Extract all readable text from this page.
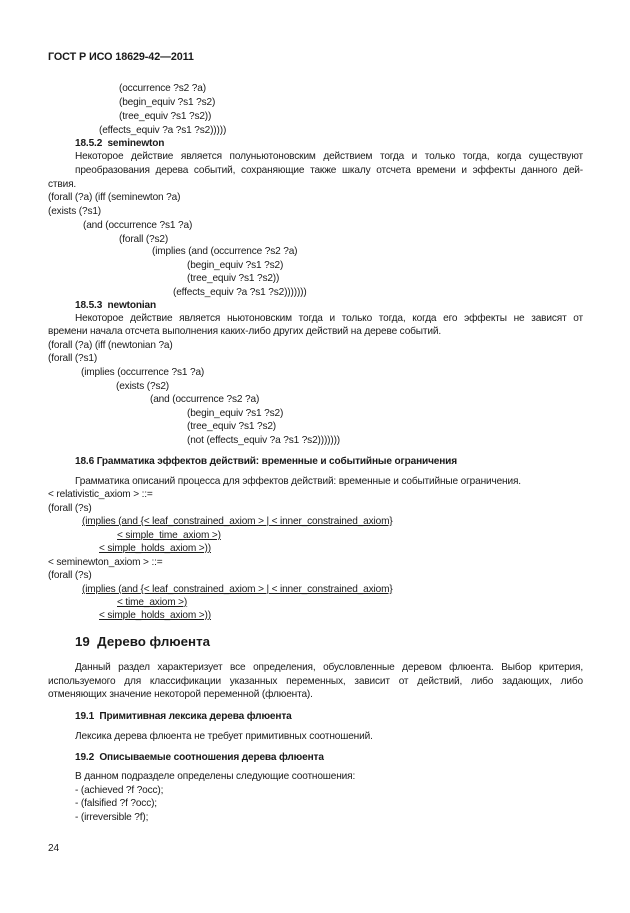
ГОСТ Р ИСО 18629-42—2011
(occurrence ?s2 ?a)
(begin_equiv ?s1 ?s2)
(tree_equiv ?s1 ?s2))
(effects_equiv ?a ?s1 ?s2)))))
18.5.2  seminewton
Некоторое действие является полуньютоновским действием тогда и только тогда, когда существуют
преобразования дерева событий, сохраняющие также шкалу отсчета времени и эффекты данного дей-
ствия.
(forall (?a) (iff (seminewton ?a)
(exists (?s1)
(and (occurrence ?s1 ?a)
(forall (?s2)
(implies (and (occurrence ?s2 ?a)
(begin_equiv ?s1 ?s2)
(tree_equiv ?s1 ?s2))
(effects_equiv ?a ?s1 ?s2)))))))
18.5.3  newtonian
Некоторое действие является ньютоновским тогда и только тогда, когда его эффекты не зависят от
времени начала отсчета выполнения каких-либо других действий на дереве событий.
(forall (?a) (iff (newtonian ?a)
(forall (?s1)
(implies (occurrence ?s1 ?a)
(exists (?s2)
(and (occurrence ?s2 ?a)
(begin_equiv ?s1 ?s2)
(tree_equiv ?s1 ?s2)
(not (effects_equiv ?a ?s1 ?s2)))))))
18.6 Грамматика эффектов действий: временные и событийные ограничения
Грамматика описаний процесса для эффектов действий: временные и событийные ограничения.
< relativistic_axiom > ::=
(forall (?s)
(implies (and {< leaf_constrained_axiom > | < inner_constrained_axiom}
< simple_time_axiom >)
< simple_holds_axiom >))
< seminewton_axiom > ::=
(forall (?s)
(implies (and {< leaf_constrained_axiom > | < inner_constrained_axiom}
< time_axiom >)
< simple_holds_axiom >))
19  Дерево флюента
Данный раздел характеризует все определения, обусловленные деревом флюента. Выбор критерия,
используемого для классификации указанных переменных, зависит от действий, либо задающих, либо
отменяющих значение некоторой переменной (флюента).
19.1  Примитивная лексика дерева флюента
Лексика дерева флюента не требует примитивных соотношений.
19.2  Описываемые соотношения дерева флюента
В данном подразделе определены следующие соотношения:
- (achieved ?f ?occ);
- (falsified ?f ?occ);
- (irreversible ?f);
24
